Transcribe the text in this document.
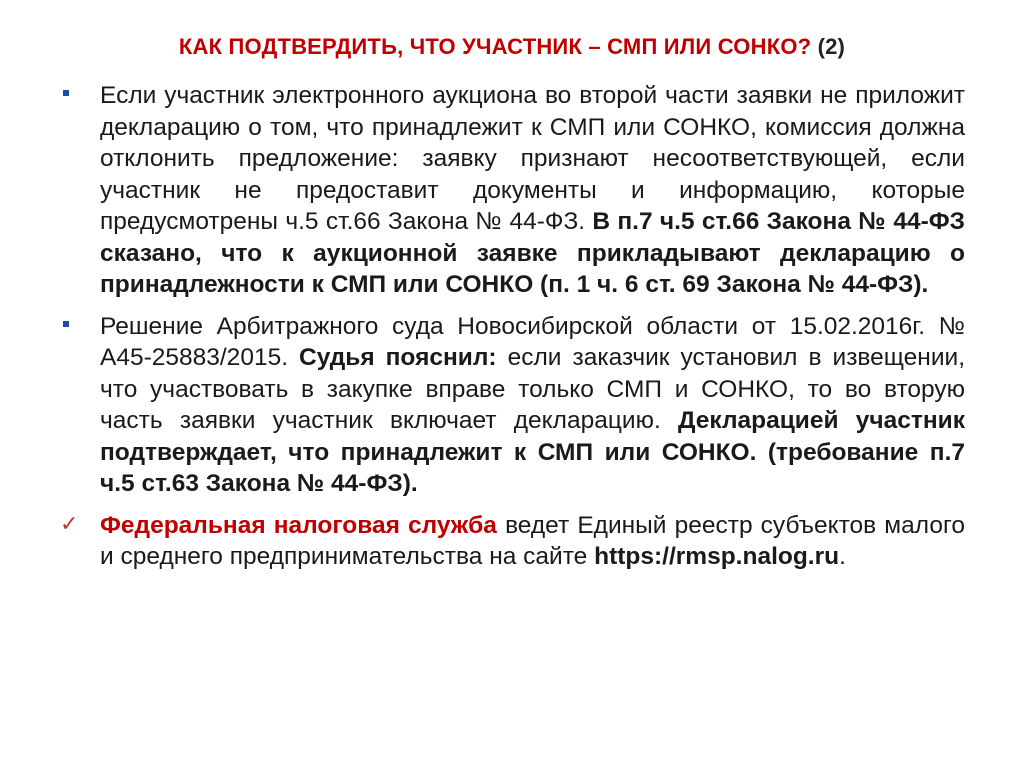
КАК ПОДТВЕРДИТЬ, ЧТО УЧАСТНИК – СМП ИЛИ СОНКО? (2)
Если участник электронного аукциона во второй части заявки не приложит декларацию о том, что принадлежит к СМП или СОНКО, комиссия должна отклонить предложение: заявку признают несоответствующей, если участник не предоставит документы и информацию, которые предусмотрены ч.5 ст.66 Закона № 44-ФЗ. В п.7 ч.5 ст.66 Закона № 44-ФЗ сказано, что к аукционной заявке прикладывают декларацию о принадлежности к СМП или СОНКО (п. 1 ч. 6 ст. 69 Закона № 44-ФЗ).
Решение Арбитражного суда Новосибирской области от 15.02.2016г. № А45-25883/2015. Судья пояснил: если заказчик установил в извещении, что участвовать в закупке вправе только СМП и СОНКО, то во вторую часть заявки участник включает декларацию. Декларацией участник подтверждает, что принадлежит к СМП или СОНКО. (требование п.7 ч.5 ст.63 Закона № 44-ФЗ).
✓ Федеральная налоговая служба ведет Единый реестр субъектов малого и среднего предпринимательства на сайте https://rmsp.nalog.ru.
